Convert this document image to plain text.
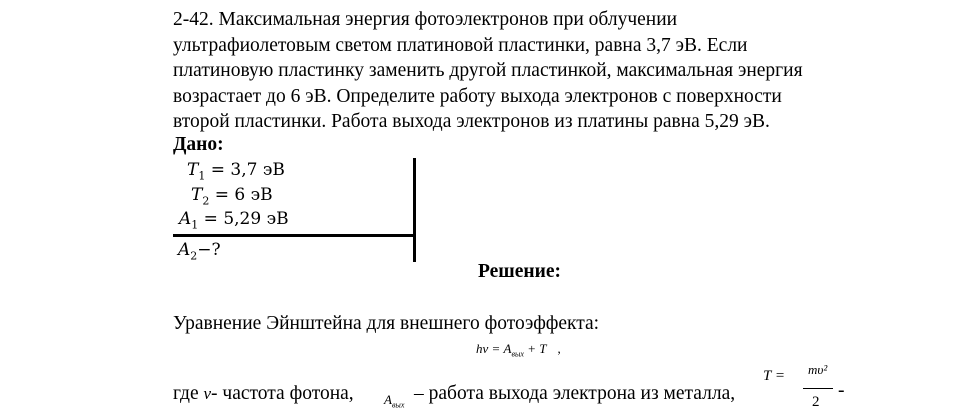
2-42. Максимальная энергия фотоэлектронов при облучении
ультрафиолетовым светом платиновой пластинки, равна 3,7 эВ. Если
платиновую пластинку заменить другой пластинкой, максимальная энергия
возрастает до 6 эВ. Определите работу выхода электронов с поверхности
второй пластинки. Работа выхода электронов из платины равна 5,29 эВ.
Дано:
$T_1 = 3,7$ эВ
$T_2 = 6$ эВ
$A_1 = 5,29$ эВ
$A_2-$?
Решение:
Уравнение Эйнштейна для внешнего фотоэффекта:
$h\nu = A_{вых} + T$ ,
где ν- частота фотона, $A_{вых}$
– работа выхода электрона из металла,
T = mυ²
2
-
